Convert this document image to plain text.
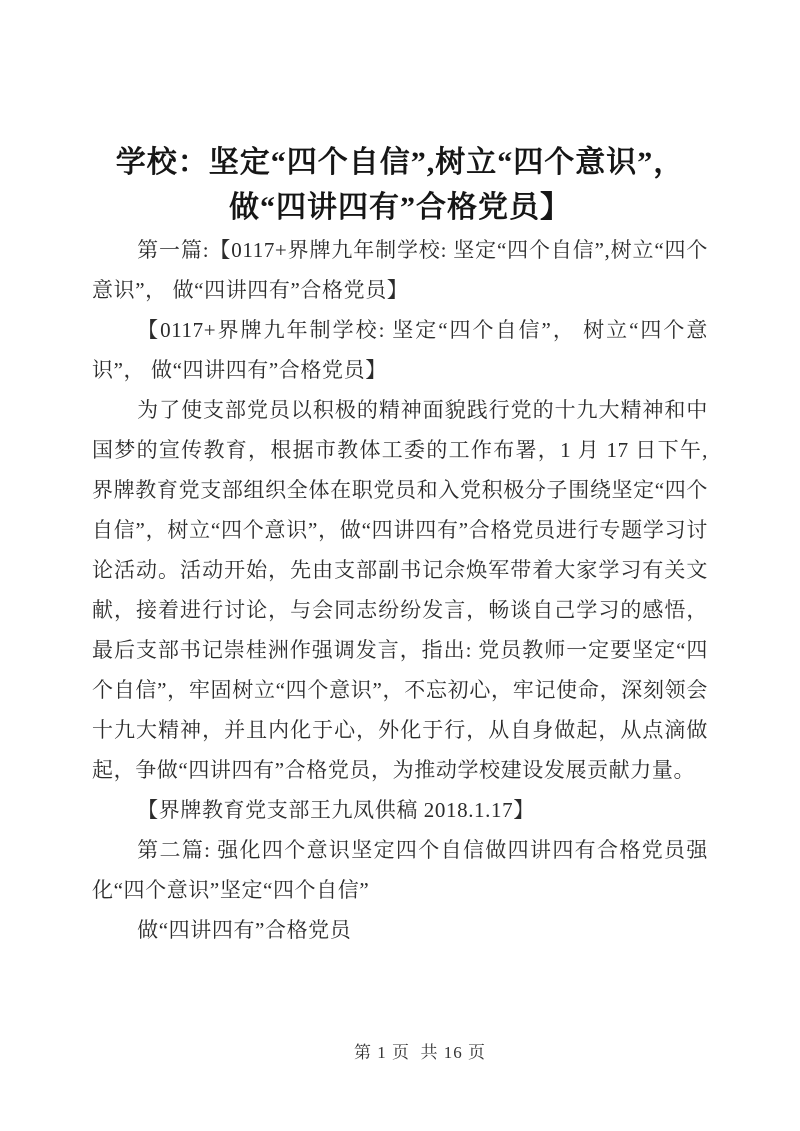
学校：坚定“四个自信”,树立“四个意识”，
做“四讲四有”合格党员】

第一篇:【0117+界牌九年制学校: 坚定“四个自信”,树立“四个意识”， 做“四讲四有”合格党员】

【0117+界牌九年制学校: 坚定“四个自信”， 树立“四个意识”， 做“四讲四有”合格党员】

为了使支部党员以积极的精神面貌践行党的十九大精神和中国梦的宣传教育，根据市教体工委的工作布署，1 月 17 日下午,界牌教育党支部组织全体在职党员和入党积极分子围绕坚定“四个自信”，树立“四个意识”，做“四讲四有”合格党员进行专题学习讨论活动。活动开始，先由支部副书记佘焕军带着大家学习有关文献，接着进行讨论，与会同志纷纷发言，畅谈自己学习的感悟，最后支部书记崇桂洲作强调发言，指出: 党员教师一定要坚定“四个自信”，牢固树立“四个意识”，不忘初心，牢记使命，深刻领会十九大精神，并且内化于心，外化于行，从自身做起，从点滴做起，争做“四讲四有”合格党员，为推动学校建设发展贡献力量。

【界牌教育党支部王九凤供稿 2018.1.17】

第二篇: 强化四个意识坚定四个自信做四讲四有合格党员强化“四个意识”坚定“四个自信”

做“四讲四有”合格党员

第 1 页  共 16 页
